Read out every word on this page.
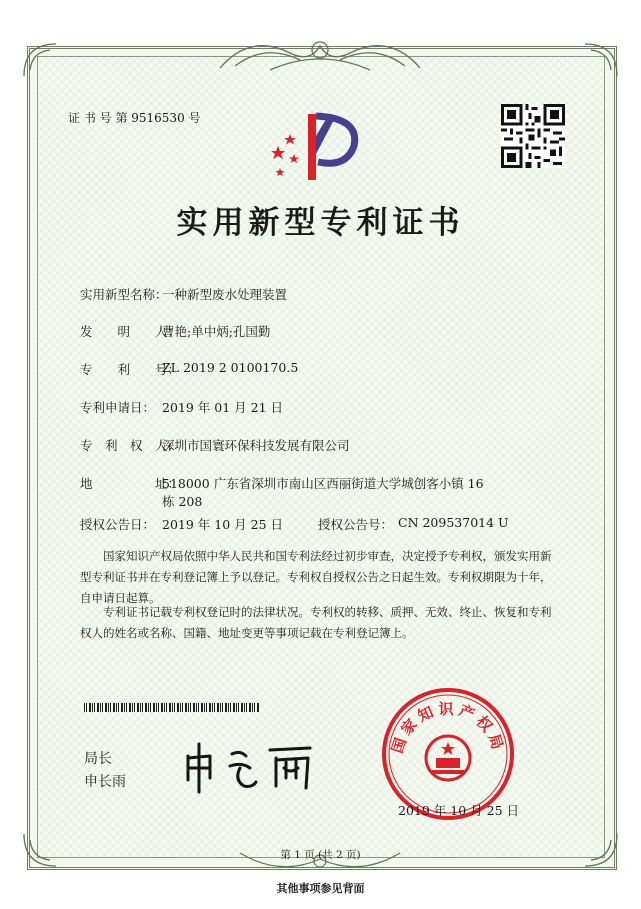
证 书 号 第 9516530 号
实用新型专利证书
实用新型名称：
一种新型废水处理装置
发　　明　　人：
曹艳;单中炳;孔国勤
专　　利　　号：
ZL 2019 2 0100170.5
专利申请日： 2019 年 01 月 21 日
专　利　权　人：
深圳市国寰环保科技发展有限公司
地　　　　　址：
518000 广东省深圳市南山区西丽街道大学城创客小镇 16
栋 208
授权公告日： 2019 年 10 月 25 日	授权公告号： CN 209537014 U
国家知识产权局依照中华人民共和国专利法经过初步审查，决定授予专利权，颁发实用新型专利证书并在专利登记簿上予以登记。专利权自授权公告之日起生效。专利权期限为十年，自申请日起算。
专利证书记载专利权登记时的法律状况。专利权的转移、质押、无效、终止、恢复和专利权人的姓名或名称、国籍、地址变更等事项记载在专利登记簿上。
局长
申长雨
国家知识产权局
2019 年 10 月 25 日
第 1 页 (共 2 页)
其他事项参见背面
